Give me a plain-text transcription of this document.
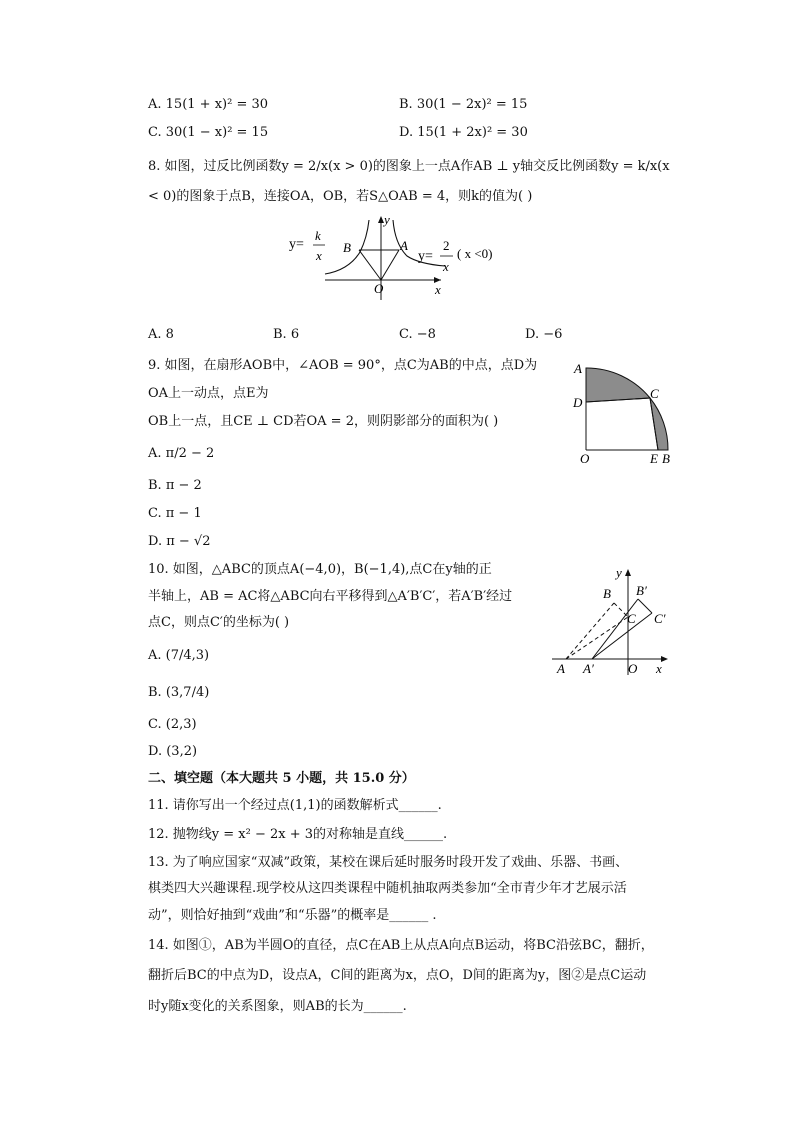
A. 15(1 + x)² = 30	B. 30(1 − 2x)² = 15
C. 30(1 − x)² = 15	D. 15(1 + 2x)² = 30
8. 如图，过反比例函数y = 2/x(x > 0)的图象上一点A作AB ⊥ y轴交反比例函数y = k/x(x
< 0)的图象于点B，连接OA，OB，若S△OAB = 4，则k的值为( )
y=
k
x
B	A
y=
2
x
( x <0)
O	x
y
A. 8	B. 6	C. −8	D. −6
9. 如图，在扇形AOB中，∠AOB = 90°，点C为AB的中点，点D为
OA上一动点，点E为
OB上一点，且CE ⊥ CD若OA = 2，则阴影部分的面积为( )
A. π/2 − 2
B. π − 2
C. π − 1
D. π − √2
A
D
C
O	E B
10. 如图，△ABC的顶点A(−4,0)，B(−1,4),点C在y轴的正
半轴上，AB = AC将△ABC向右平移得到△A′B′C′，若A′B′经过
点C，则点C′的坐标为( )
A. (7/4,3)
B. (3,7/4)
C. (2,3)
D. (3,2)
y
B B′
C C′
A A′	O x
二、填空题（本大题共 5 小题，共 15.0 分）
11. 请你写出一个经过点(1,1)的函数解析式______.
12. 抛物线y = x² − 2x + 3的对称轴是直线______.
13. 为了响应国家“双减”政策，某校在课后延时服务时段开发了戏曲、乐器、书画、
棋类四大兴趣课程.现学校从这四类课程中随机抽取两类参加“全市青少年才艺展示活
动”，则恰好抽到“戏曲”和“乐器”的概率是______ .
14. 如图①，AB为半圆O的直径，点C在AB上从点A向点B运动，将BC沿弦BC，翻折，
翻折后BC的中点为D，设点A，C间的距离为x，点O，D间的距离为y，图②是点C运动
时y随x变化的关系图象，则AB的长为______.
